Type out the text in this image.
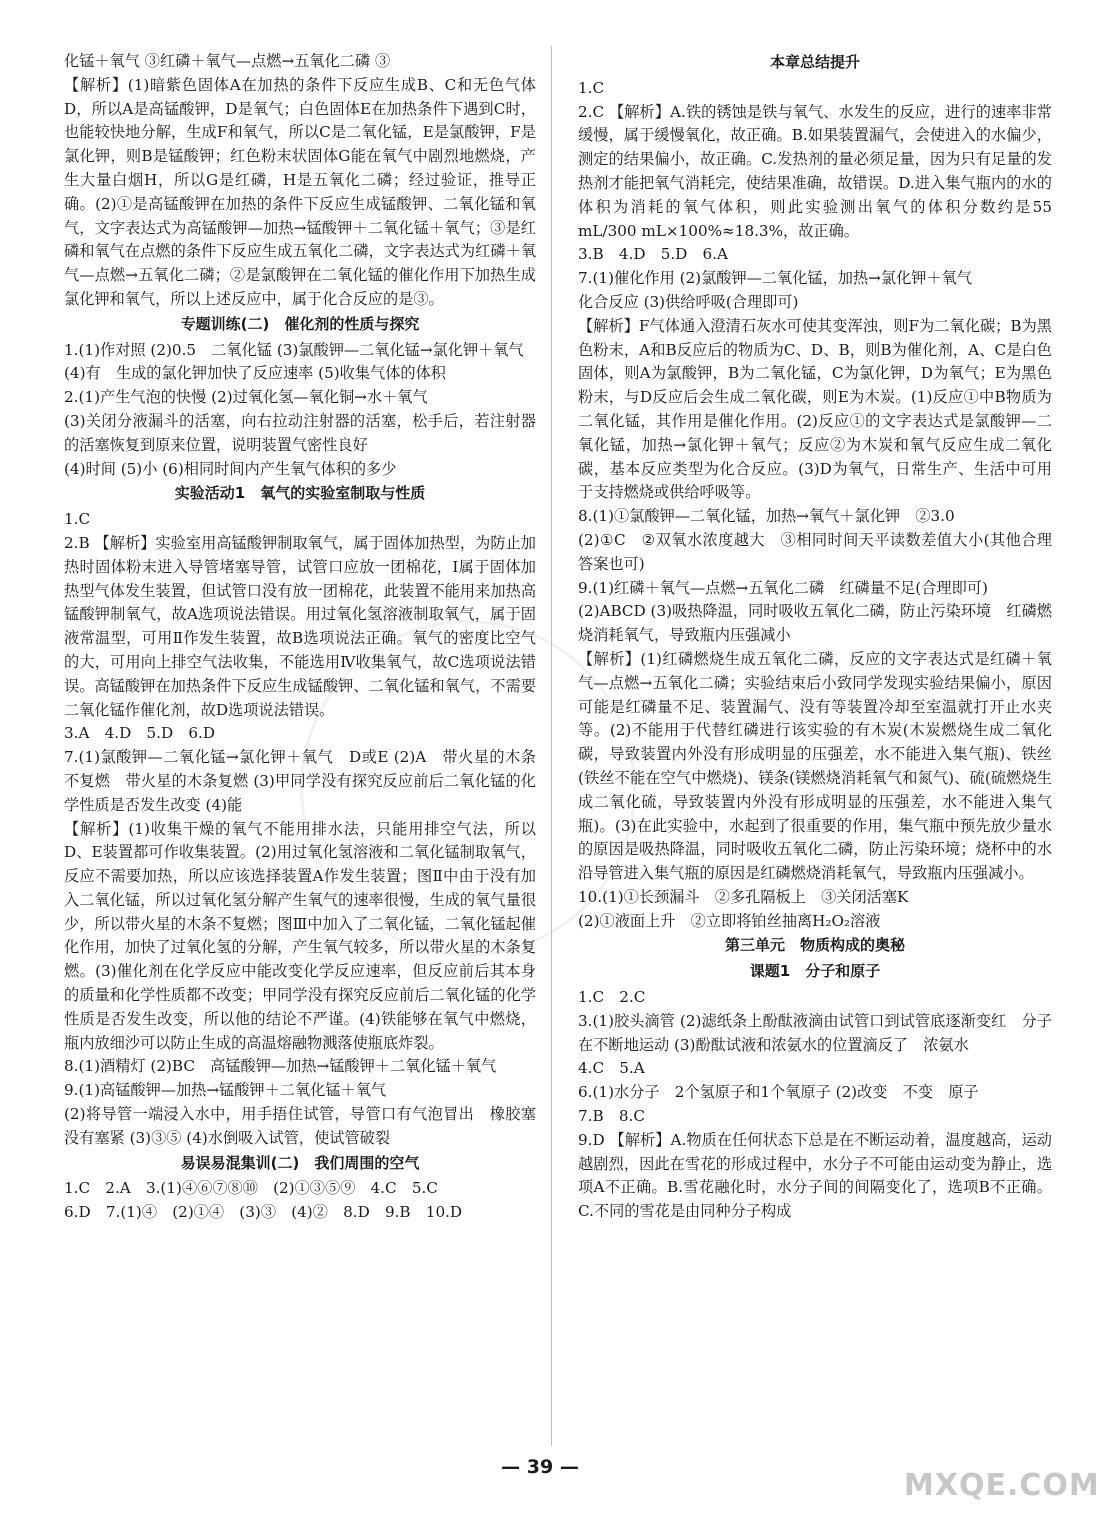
化锰＋氧气 ③红磷＋氧气—点燃→五氧化二磷 ③

【解析】(1)暗紫色固体A在加热的条件下反应生成B、C和无色气体D，所以A是高锰酸钾，D是氧气；白色固体E在加热条件下遇到C时，也能较快地分解，生成F和氧气，所以C是二氧化锰，E是氯酸钾，F是氯化钾，则B是锰酸钾；红色粉末状固体G能在氧气中剧烈地燃烧，产生大量白烟H，所以G是红磷，H是五氧化二磷；经过验证，推导正确。(2)①是高锰酸钾在加热的条件下反应生成锰酸钾、二氧化锰和氧气，文字表达式为高锰酸钾—加热→锰酸钾＋二氧化锰＋氧气；③是红磷和氧气在点燃的条件下反应生成五氧化二磷，文字表达式为红磷＋氧气—点燃→五氧化二磷；②是氯酸钾在二氧化锰的催化作用下加热生成氯化钾和氧气，所以上述反应中，属于化合反应的是③。

专题训练(二)　催化剂的性质与探究

1.(1)作对照 (2)0.5　二氧化锰 (3)氯酸钾—二氧化锰→氯化钾＋氧气

(4)有　生成的氯化钾加快了反应速率 (5)收集气体的体积

2.(1)产生气泡的快慢 (2)过氧化氢—氧化铜→水＋氧气

(3)关闭分液漏斗的活塞，向右拉动注射器的活塞，松手后，若注射器的活塞恢复到原来位置，说明装置气密性良好

(4)时间 (5)小 (6)相同时间内产生氧气体积的多少

实验活动1　氧气的实验室制取与性质

1.C

2.B 【解析】实验室用高锰酸钾制取氧气，属于固体加热型，为防止加热时固体粉末进入导管堵塞导管，试管口应放一团棉花，I属于固体加热型气体发生装置，但试管口没有放一团棉花，此装置不能用来加热高锰酸钾制氧气，故A选项说法错误。用过氧化氢溶液制取氧气，属于固液常温型，可用Ⅱ作发生装置，故B选项说法正确。氧气的密度比空气的大，可用向上排空气法收集，不能选用Ⅳ收集氧气，故C选项说法错误。高锰酸钾在加热条件下反应生成锰酸钾、二氧化锰和氧气，不需要二氧化锰作催化剂，故D选项说法错误。

3.A　4.D　5.D　6.D

7.(1)氯酸钾—二氧化锰→氯化钾＋氧气　D或E (2)A　带火星的木条不复燃　带火星的木条复燃 (3)甲同学没有探究反应前后二氧化锰的化学性质是否发生改变 (4)能

【解析】(1)收集干燥的氧气不能用排水法，只能用排空气法，所以D、E装置都可作收集装置。(2)用过氧化氢溶液和二氧化锰制取氧气，反应不需要加热，所以应该选择装置A作发生装置；图Ⅱ中由于没有加入二氧化锰，所以过氧化氢分解产生氧气的速率很慢，生成的氧气量很少，所以带火星的木条不复燃；图Ⅲ中加入了二氧化锰，二氧化锰起催化作用，加快了过氧化氢的分解，产生氧气较多，所以带火星的木条复燃。(3)催化剂在化学反应中能改变化学反应速率，但反应前后其本身的质量和化学性质都不改变；甲同学没有探究反应前后二氧化锰的化学性质是否发生改变，所以他的结论不严谨。(4)铁能够在氧气中燃烧，瓶内放细沙可以防止生成的高温熔融物溅落使瓶底炸裂。

8.(1)酒精灯 (2)BC　高锰酸钾—加热→锰酸钾＋二氧化锰＋氧气

9.(1)高锰酸钾—加热→锰酸钾＋二氧化锰＋氧气

(2)将导管一端浸入水中，用手捂住试管，导管口有气泡冒出　橡胶塞没有塞紧 (3)③⑤ (4)水倒吸入试管，使试管破裂

易误易混集训(二)　我们周围的空气

1.C　2.A　3.(1)④⑥⑦⑧⑩　(2)①③⑤⑨　4.C　5.C

6.D　7.(1)④　(2)①④　(3)③　(4)②　8.D　9.B　10.D

本章总结提升

1.C

2.C 【解析】A.铁的锈蚀是铁与氧气、水发生的反应，进行的速率非常缓慢，属于缓慢氧化，故正确。B.如果装置漏气，会使进入的水偏少，测定的结果偏小，故正确。C.发热剂的量必须足量，因为只有足量的发热剂才能把氧气消耗完，使结果准确，故错误。D.进入集气瓶内的水的体积为消耗的氧气体积，则此实验测出氧气的体积分数约是55 mL/300 mL×100%≈18.3%，故正确。

3.B　4.D　5.D　6.A

7.(1)催化作用 (2)氯酸钾—二氧化锰，加热→氯化钾＋氧气

化合反应 (3)供给呼吸(合理即可)

【解析】F气体通入澄清石灰水可使其变浑浊，则F为二氧化碳；B为黑色粉末，A和B反应后的物质为C、D、B，则B为催化剂，A、C是白色固体，则A为氯酸钾，B为二氧化锰，C为氯化钾，D为氧气；E为黑色粉末，与D反应后会生成二氧化碳，则E为木炭。(1)反应①中B物质为二氧化锰，其作用是催化作用。(2)反应①的文字表达式是氯酸钾—二氧化锰，加热→氯化钾＋氧气；反应②为木炭和氧气反应生成二氧化碳，基本反应类型为化合反应。(3)D为氧气，日常生产、生活中可用于支持燃烧或供给呼吸等。

8.(1)①氯酸钾—二氧化锰，加热→氧气＋氯化钾　②3.0

(2)①C　②双氧水浓度越大　③相同时间天平读数差值大小(其他合理答案也可)

9.(1)红磷＋氧气—点燃→五氧化二磷　红磷量不足(合理即可)

(2)ABCD (3)吸热降温，同时吸收五氧化二磷，防止污染环境　红磷燃烧消耗氧气，导致瓶内压强减小

【解析】(1)红磷燃烧生成五氧化二磷，反应的文字表达式是红磷＋氧气—点燃→五氧化二磷；实验结束后小致同学发现实验结果偏小，原因可能是红磷量不足、装置漏气、没有等装置冷却至室温就打开止水夹等。(2)不能用于代替红磷进行该实验的有木炭(木炭燃烧生成二氧化碳，导致装置内外没有形成明显的压强差，水不能进入集气瓶)、铁丝(铁丝不能在空气中燃烧)、镁条(镁燃烧消耗氧气和氮气)、硫(硫燃烧生成二氧化硫，导致装置内外没有形成明显的压强差，水不能进入集气瓶)。(3)在此实验中，水起到了很重要的作用，集气瓶中预先放少量水的原因是吸热降温，同时吸收五氧化二磷，防止污染环境；烧杯中的水沿导管进入集气瓶的原因是红磷燃烧消耗氧气，导致瓶内压强减小。

10.(1)①长颈漏斗　②多孔隔板上　③关闭活塞K

(2)①液面上升　②立即将铂丝抽离H₂O₂溶液

第三单元　物质构成的奥秘

课题1　分子和原子

1.C　2.C

3.(1)胶头滴管 (2)滤纸条上酚酞液滴由试管口到试管底逐渐变红　分子在不断地运动 (3)酚酞试液和浓氨水的位置滴反了　浓氨水

4.C　5.A

6.(1)水分子　2个氢原子和1个氧原子 (2)改变　不变　原子

7.B　8.C

9.D 【解析】A.物质在任何状态下总是在不断运动着，温度越高，运动越剧烈，因此在雪花的形成过程中，水分子不可能由运动变为静止，选项A不正确。B.雪花融化时，水分子间的间隔变化了，选项B不正确。C.不同的雪花是由同种分子构成

— 39 —
MXQE.COM
